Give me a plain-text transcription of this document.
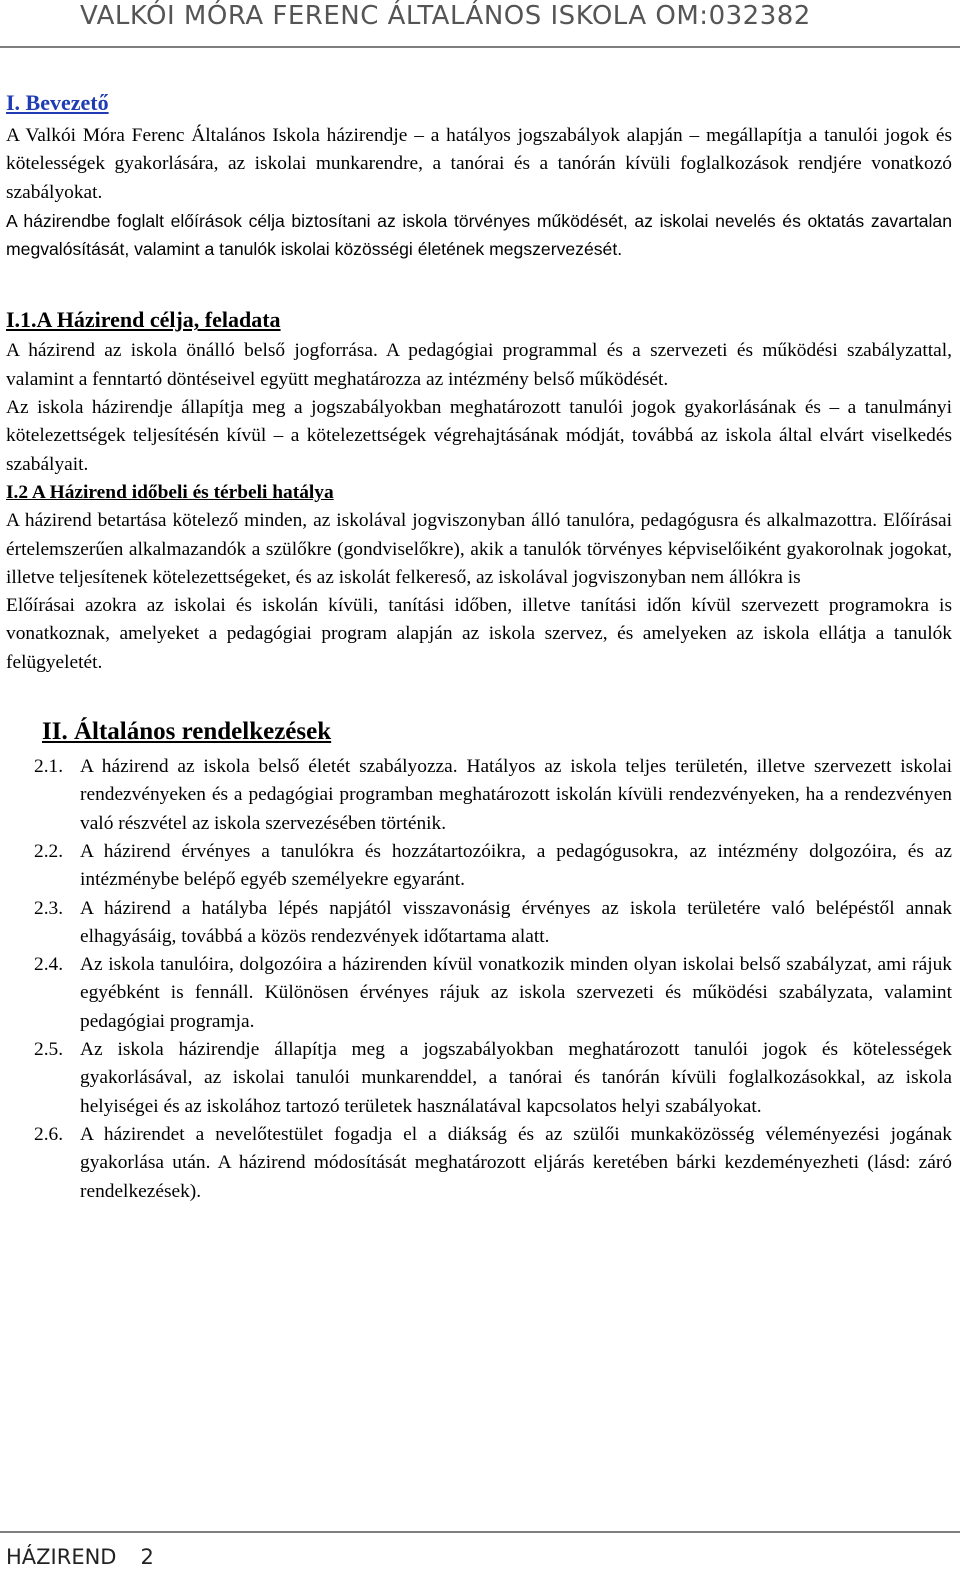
VALKÓI MÓRA FERENC ÁLTALÁNOS ISKOLA OM:032382
I. Bevezető

A Valkói Móra Ferenc Általános Iskola házirendje – a hatályos jogszabályok alapján – megállapítja a tanulói jogok és kötelességek gyakorlására, az iskolai munkarendre, a tanórai és a tanórán kívüli foglalkozások rendjére vonatkozó szabályokat.

A házirendbe foglalt előírások célja biztosítani az iskola törvényes működését, az iskolai nevelés és oktatás zavartalan megvalósítását, valamint a tanulók iskolai közösségi életének megszervezését.

I.1.A Házirend célja, feladata

A házirend az iskola önálló belső jogforrása. A pedagógiai programmal és a szervezeti és működési szabályzattal, valamint a fenntartó döntéseivel együtt meghatározza az intézmény belső működését.

Az iskola házirendje állapítja meg a jogszabályokban meghatározott tanulói jogok gyakorlásának és – a tanulmányi kötelezettségek teljesítésén kívül – a kötelezettségek végrehajtásának módját, továbbá az iskola által elvárt viselkedés szabályait.

I.2 A Házirend időbeli és térbeli hatálya

A házirend betartása kötelező minden, az iskolával jogviszonyban álló tanulóra, pedagógusra és alkalmazottra. Előírásai értelemszerűen alkalmazandók a szülőkre (gondviselőkre), akik a tanulók törvényes képviselőiként gyakorolnak jogokat, illetve teljesítenek kötelezettségeket, és az iskolát felkereső, az iskolával jogviszonyban nem állókra is

Előírásai azokra az iskolai és iskolán kívüli, tanítási időben, illetve tanítási időn kívül szervezett programokra is vonatkoznak, amelyeket a pedagógiai program alapján az iskola szervez, és amelyeken az iskola ellátja a tanulók felügyeletét.

II. Általános rendelkezések
2.1. A házirend az iskola belső életét szabályozza. Hatályos az iskola teljes területén, illetve szervezett iskolai rendezvényeken és a pedagógiai programban meghatározott iskolán kívüli rendezvényeken, ha a rendezvényen való részvétel az iskola szervezésében történik.
2.2. A házirend érvényes a tanulókra és hozzátartozóikra, a pedagógusokra, az intézmény dolgozóira, és az intézménybe belépő egyéb személyekre egyaránt.
2.3. A házirend a hatályba lépés napjától visszavonásig érvényes az iskola területére való belépéstől annak elhagyásáig, továbbá a közös rendezvények időtartama alatt.
2.4. Az iskola tanulóira, dolgozóira a házirenden kívül vonatkozik minden olyan iskolai belső szabályzat, ami rájuk egyébként is fennáll. Különösen érvényes rájuk az iskola szervezeti és működési szabályzata, valamint pedagógiai programja.
2.5. Az iskola házirendje állapítja meg a jogszabályokban meghatározott tanulói jogok és kötelességek gyakorlásával, az iskolai tanulói munkarenddel, a tanórai és tanórán kívüli foglalkozásokkal, az iskola helyiségei és az iskolához tartozó területek használatával kapcsolatos helyi szabályokat.
2.6. A házirendet a nevelőtestület fogadja el a diákság és az szülői munkaközösség véleményezési jogának gyakorlása után. A házirend módosítását meghatározott eljárás keretében bárki kezdeményezheti (lásd: záró rendelkezések).
HÁZIREND 2
